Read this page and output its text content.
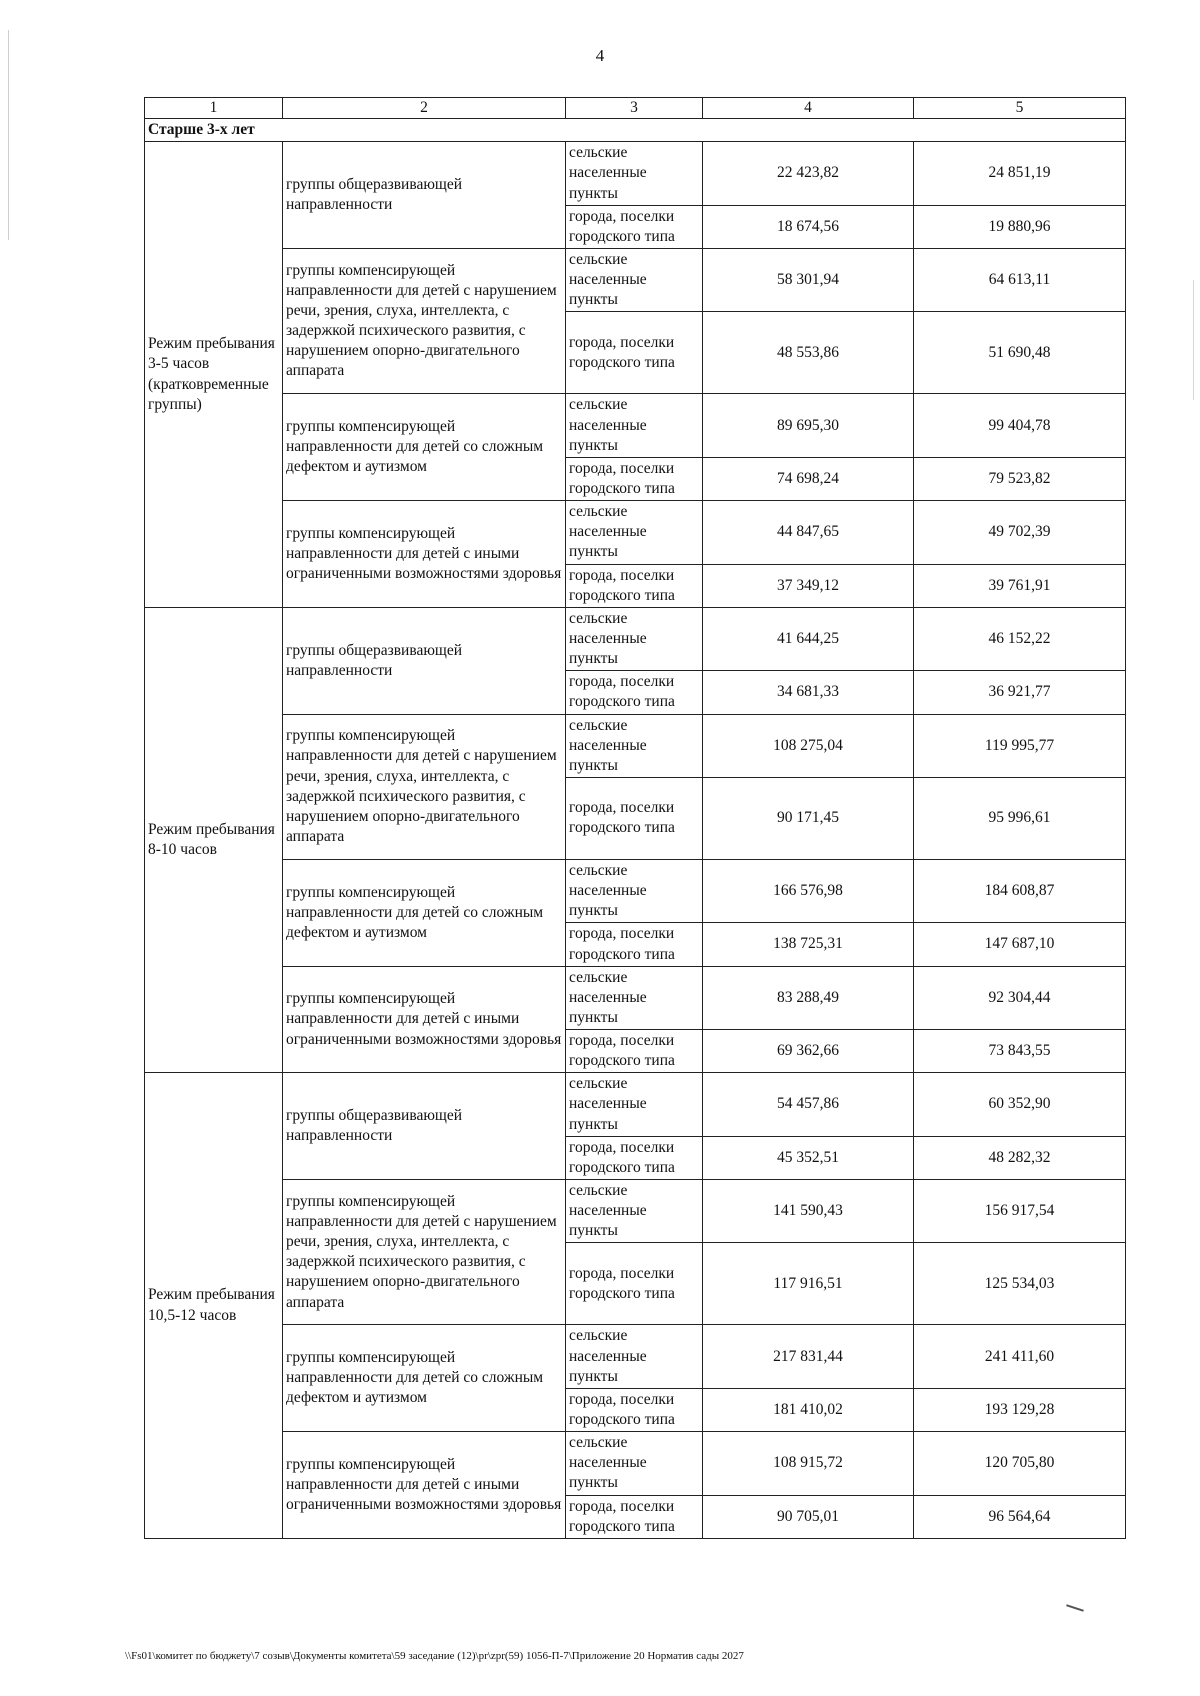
4
1	2	3	4	5
Старше 3-х лет				
Режим пребывания 3-5 часов (кратковременные группы)	группы общеразвивающей направленности	сельские населенные пункты	22 423,82	24 851,19
		города, поселки городского типа	18 674,56	19 880,96
	группы компенсирующей направленности для детей с нарушением речи, зрения, слуха, интеллекта, с задержкой психического развития, с нарушением опорно-двигательного аппарата	сельские населенные пункты	58 301,94	64 613,11
		города, поселки городского типа	48 553,86	51 690,48
	группы компенсирующей направленности для детей со сложным дефектом и аутизмом	сельские населенные пункты	89 695,30	99 404,78
		города, поселки городского типа	74 698,24	79 523,82
	группы компенсирующей направленности для детей с иными ограниченными возможностями здоровья	сельские населенные пункты	44 847,65	49 702,39
		города, поселки городского типа	37 349,12	39 761,91
Режим пребывания 8-10 часов	группы общеразвивающей направленности	сельские населенные пункты	41 644,25	46 152,22
		города, поселки городского типа	34 681,33	36 921,77
	группы компенсирующей направленности для детей с нарушением речи, зрения, слуха, интеллекта, с задержкой психического развития, с нарушением опорно-двигательного аппарата	сельские населенные пункты	108 275,04	119 995,77
		города, поселки городского типа	90 171,45	95 996,61
	группы компенсирующей направленности для детей со сложным дефектом и аутизмом	сельские населенные пункты	166 576,98	184 608,87
		города, поселки городского типа	138 725,31	147 687,10
	группы компенсирующей направленности для детей с иными ограниченными возможностями здоровья	сельские населенные пункты	83 288,49	92 304,44
		города, поселки городского типа	69 362,66	73 843,55
Режим пребывания 10,5-12 часов	группы общеразвивающей направленности	сельские населенные пункты	54 457,86	60 352,90
		города, поселки городского типа	45 352,51	48 282,32
	группы компенсирующей направленности для детей с нарушением речи, зрения, слуха, интеллекта, с задержкой психического развития, с нарушением опорно-двигательного аппарата	сельские населенные пункты	141 590,43	156 917,54
		города, поселки городского типа	117 916,51	125 534,03
	группы компенсирующей направленности для детей со сложным дефектом и аутизмом	сельские населенные пункты	217 831,44	241 411,60
		города, поселки городского типа	181 410,02	193 129,28
	группы компенсирующей направленности для детей с иными ограниченными возможностями здоровья	сельские населенные пункты	108 915,72	120 705,80
		города, поселки городского типа	90 705,01	96 564,64
\\Fs01\комитет по бюджету\7 созыв\Документы комитета\59 заседание (12)\pr\zpr(59) 1056-П-7\Приложение 20 Норматив сады 2027
